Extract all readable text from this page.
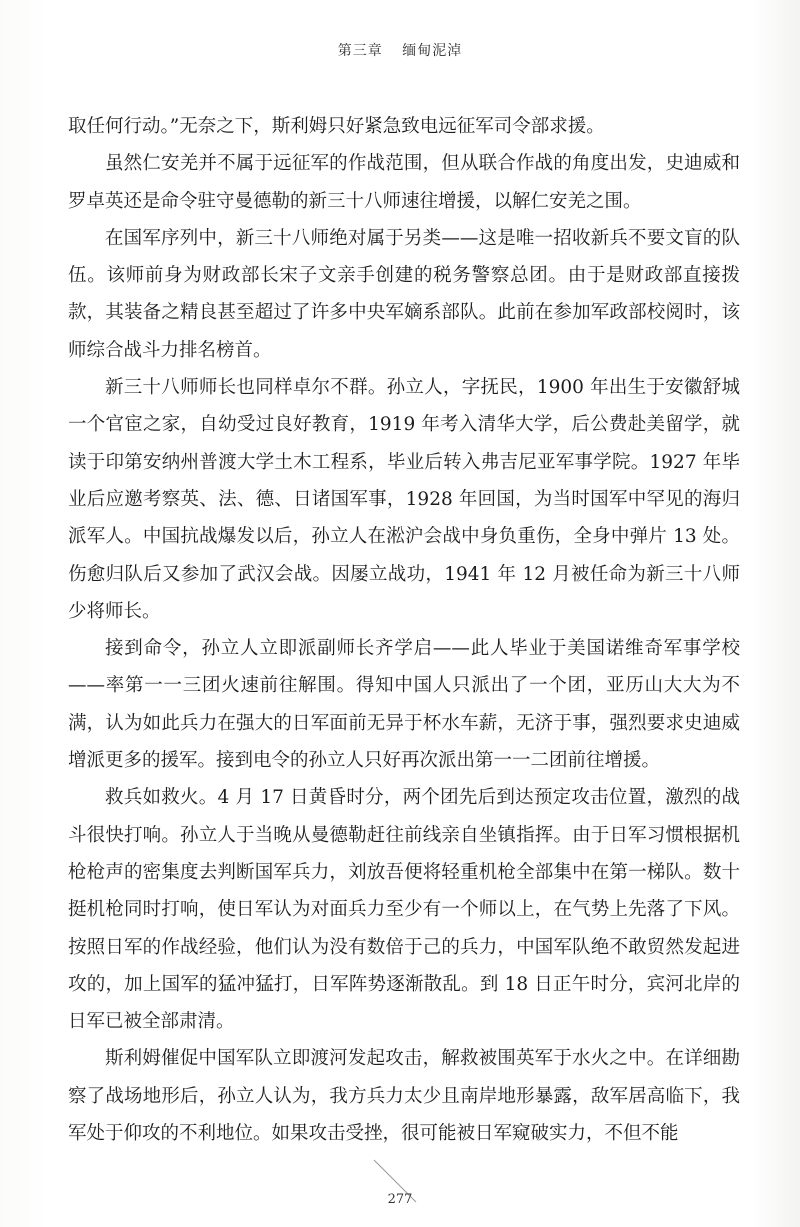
第三章 缅甸泥淖

取任何行动。”无奈之下，斯利姆只好紧急致电远征军司令部求援。

虽然仁安羌并不属于远征军的作战范围，但从联合作战的角度出发，史迪威和罗卓英还是命令驻守曼德勒的新三十八师速往增援，以解仁安羌之围。

在国军序列中，新三十八师绝对属于另类——这是唯一招收新兵不要文盲的队伍。该师前身为财政部长宋子文亲手创建的税务警察总团。由于是财政部直接拨款，其装备之精良甚至超过了许多中央军嫡系部队。此前在参加军政部校阅时，该师综合战斗力排名榜首。

新三十八师师长也同样卓尔不群。孙立人，字抚民，1900 年出生于安徽舒城一个官宦之家，自幼受过良好教育，1919 年考入清华大学，后公费赴美留学，就读于印第安纳州普渡大学土木工程系，毕业后转入弗吉尼亚军事学院。1927 年毕业后应邀考察英、法、德、日诸国军事，1928 年回国，为当时国军中罕见的海归派军人。中国抗战爆发以后，孙立人在淞沪会战中身负重伤，全身中弹片 13 处。伤愈归队后又参加了武汉会战。因屡立战功，1941 年 12 月被任命为新三十八师少将师长。

接到命令，孙立人立即派副师长齐学启——此人毕业于美国诺维奇军事学校——率第一一三团火速前往解围。得知中国人只派出了一个团，亚历山大大为不满，认为如此兵力在强大的日军面前无异于杯水车薪，无济于事，强烈要求史迪威增派更多的援军。接到电令的孙立人只好再次派出第一一二团前往增援。

救兵如救火。4 月 17 日黄昏时分，两个团先后到达预定攻击位置，激烈的战斗很快打响。孙立人于当晚从曼德勒赶往前线亲自坐镇指挥。由于日军习惯根据机枪枪声的密集度去判断国军兵力，刘放吾便将轻重机枪全部集中在第一梯队。数十挺机枪同时打响，使日军认为对面兵力至少有一个师以上，在气势上先落了下风。按照日军的作战经验，他们认为没有数倍于己的兵力，中国军队绝不敢贸然发起进攻的，加上国军的猛冲猛打，日军阵势逐渐散乱。到 18 日正午时分，宾河北岸的日军已被全部肃清。

斯利姆催促中国军队立即渡河发起攻击，解救被围英军于水火之中。在详细勘察了战场地形后，孙立人认为，我方兵力太少且南岸地形暴露，敌军居高临下，我军处于仰攻的不利地位。如果攻击受挫，很可能被日军窥破实力，不但不能

277
